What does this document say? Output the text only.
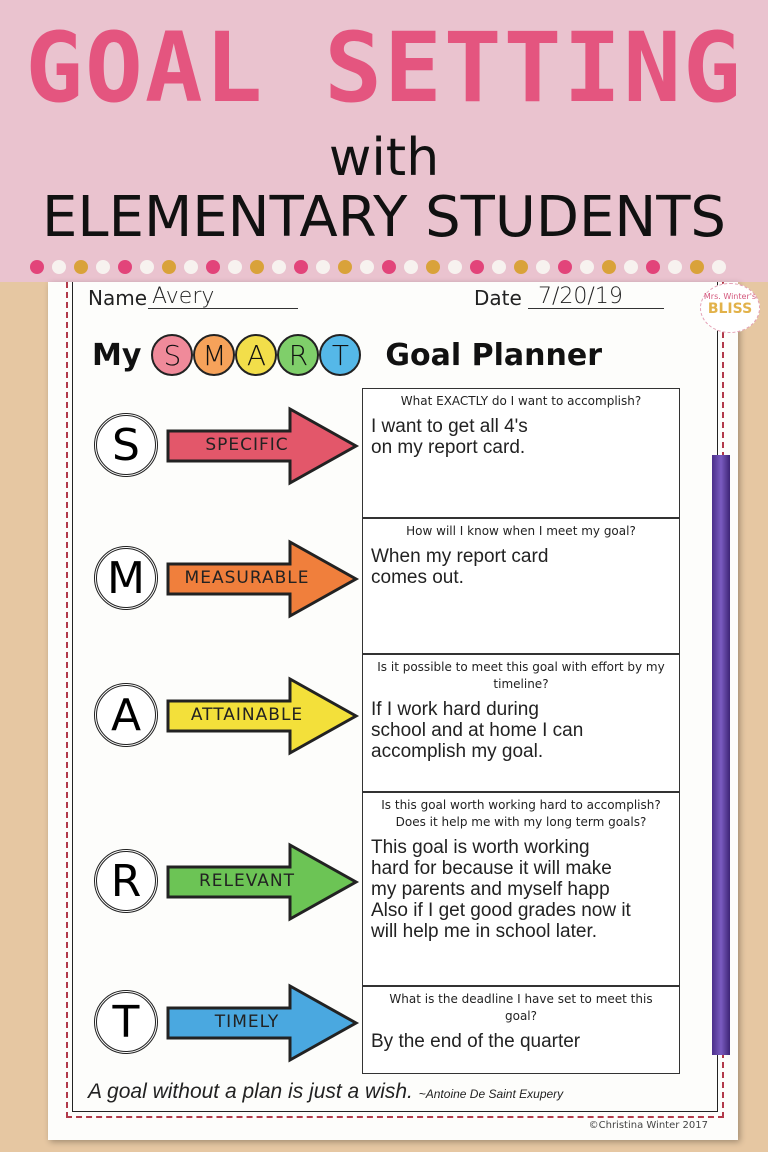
GOAL SETTING
with
ELEMENTARY STUDENTS
Name Avery	Date 7/20/19
My S M A R T	Goal Planner
S	SPECIFIC
What EXACTLY do I want to accomplish?
I want to get all 4's
on my report card.
M	MEASURABLE
How will I know when I meet my goal?
When my report card
comes out.
A	ATTAINABLE
Is it possible to meet this goal with effort by my timeline?
If I work hard during
school and at home I can
accomplish my goal.
R	RELEVANT
Is this goal worth working hard to accomplish? Does it help me with my long term goals?
This goal is worth working
hard for because it will make
my parents and myself happ
Also if I get good grades now it
will help me in school later.
T	TIMELY
What is the deadline I have set to meet this goal?
By the end of the quarter
A goal without a plan is just a wish. ~Antoine De Saint Exupery
©Christina Winter 2017
Mrs. Winter's
BLISS
